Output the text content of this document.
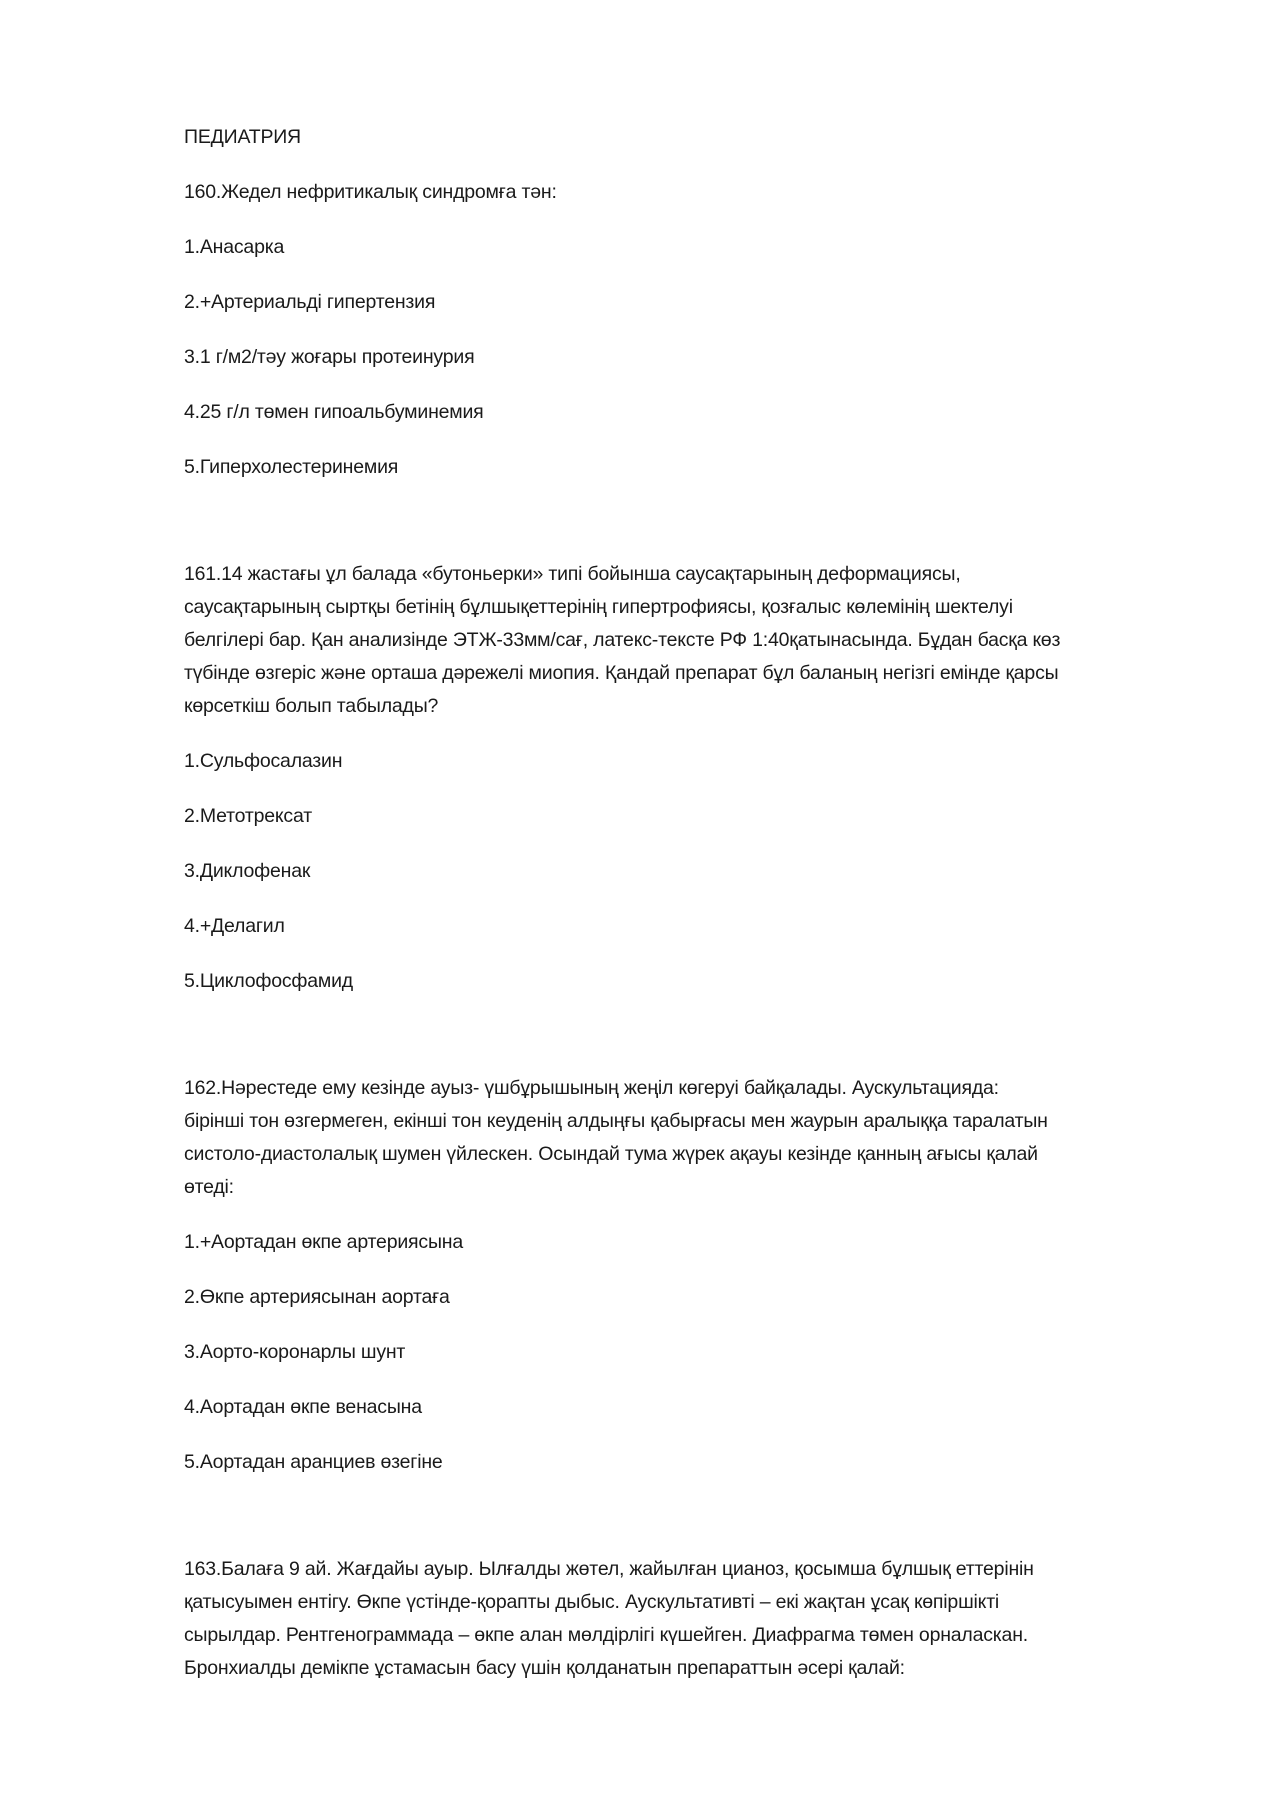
ПЕДИАТРИЯ
160.Жедел нефритикалық синдромға тән:
1.Анасарка
2.+Артериальді гипертензия
3.1 г/м2/тәу жоғары протеинурия
4.25 г/л төмен гипоальбуминемия
5.Гиперхолестеринемия
161.14 жастағы ұл балада «бутоньерки» типі бойынша саусақтарының деформациясы,
саусақтарының сыртқы бетінің бұлшықеттерінің гипертрофиясы, қозғалыс көлемінің шектелуі
белгілері бар. Қан анализінде ЭТЖ-33мм/сағ, латекс-тексте РФ 1:40қатынасында. Бұдан басқа көз
түбінде өзгеріс және орташа дәрежелі миопия. Қандай препарат бұл баланың негізгі емінде қарсы
көрсеткіш болып табылады?
1.Сульфосалазин
2.Метотрексат
3.Диклофенак
4.+Делагил
5.Циклофосфамид
162.Нәрестеде ему кезінде ауыз- үшбұрышының жеңіл көгеруі байқалады. Аускультацияда:
бірінші тон өзгермеген, екінші тон кеуденің алдыңғы қабырғасы мен жаурын аралыққа таралатын
систоло-диастолалық шумен үйлескен. Осындай тума жүрек ақауы кезінде қанның ағысы қалай
өтеді:
1.+Аортадан өкпе артериясына
2.Өкпе артериясынан аортаға
3.Аорто-коронарлы шунт
4.Аортадан өкпе венасына
5.Аортадан аранциев өзегіне
163.Балаға 9 ай. Жағдайы ауыр. Ылғалды жөтел, жайылған цианоз, қосымша бұлшық еттерінін
қатысуымен ентігу. Өкпе үстінде-қорапты дыбыс. Аускультативті – екі жақтан ұсақ көпіршікті
сырылдар. Рентгенограммада – өкпе алан мөлдірлігі күшейген. Диафрагма төмен орналаскан.
Бронхиалды демікпе ұстамасын басу үшін қолданатын препараттын әсері қалай:
